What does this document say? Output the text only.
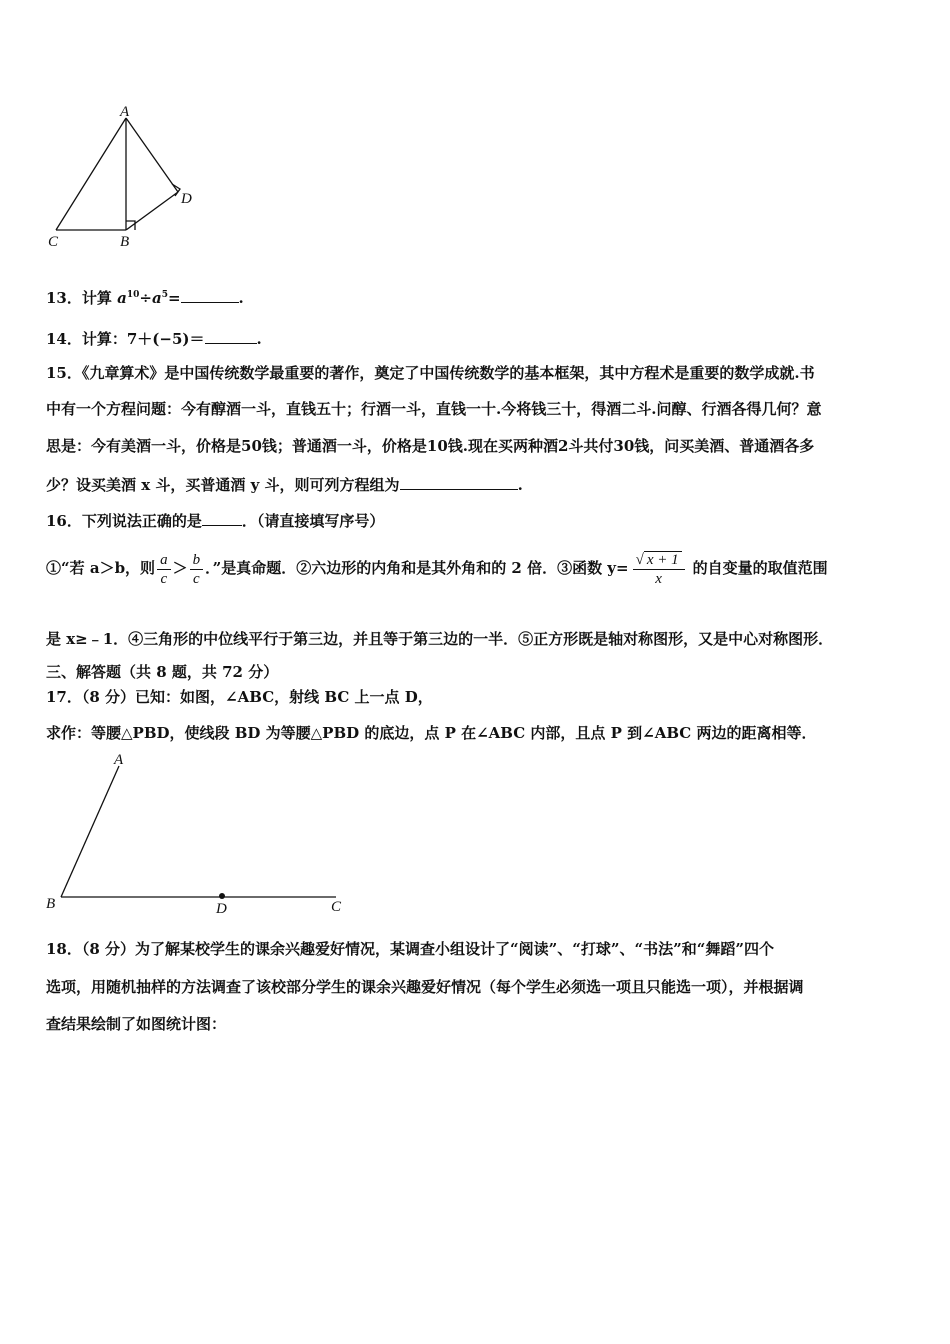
A
C	B
D
13．计算 $a^{10}\div a^5=$	.
14．计算：7＋(−5)＝	.
15．《九章算术》是中国传统数学最重要的著作，奠定了中国传统数学的基本框架，其中方程术是重要的数学成就.书
中有一个方程问题：今有醇酒一斗，直钱五十；行酒一斗，直钱一十.今将钱三十，得酒二斗.问醇、行酒各得几何？意
思是：今有美酒一斗，价格是50钱；普通酒一斗，价格是10钱.现在买两种酒2斗共付30钱，问买美酒、普通酒各多
少？设买美酒 x 斗，买普通酒 y 斗，则可列方程组为	.
16．下列说法正确的是	．（请直接填写序号）
①“若 a＞b，则 $\frac{a}{c} > \frac{b}{c}$ ．”是真命题．②六边形的内角和是其外角和的 2 倍．③函数 $y= \frac{√ x + 1}{x}$ 的自变量的取值范围
是 x≥﹣1．④三角形的中位线平行于第三边，并且等于第三边的一半．⑤正方形既是轴对称图形，又是中心对称图形．
三、解答题（共 8 题，共 72 分）
17．（8 分）已知：如图，∠ABC，射线 BC 上一点 D，
求作：等腰△PBD，使线段 BD 为等腰△PBD 的底边，点 P 在∠ABC 内部，且点 P 到∠ABC 两边的距离相等．
A
B	D	C
18．（8 分）为了解某校学生的课余兴趣爱好情况，某调查小组设计了“阅读”、“打球”、“书法”和“舞蹈”四个
选项，用随机抽样的方法调查了该校部分学生的课余兴趣爱好情况（每个学生必须选一项且只能选一项），并根据调
查结果绘制了如图统计图：
